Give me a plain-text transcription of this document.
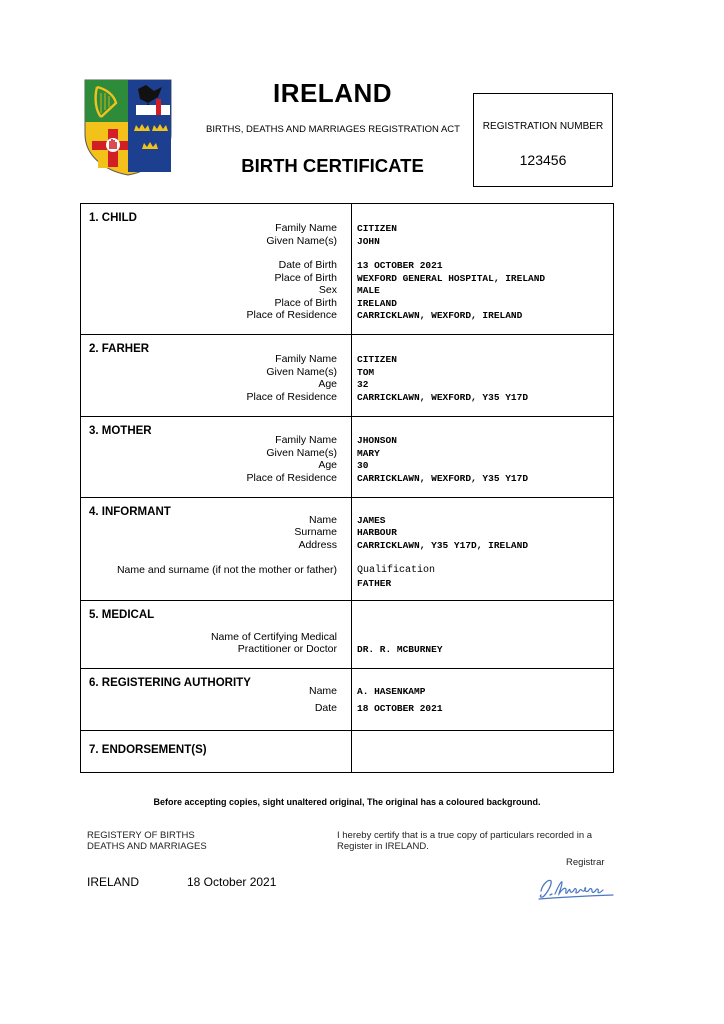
IRELAND
BIRTHS, DEATHS AND MARRIAGES REGISTRATION ACT
BIRTH CERTIFICATE
REGISTRATION NUMBER
123456
1. CHILD
Family Name	CITIZEN
Given Name(s)	JOHN
Date of Birth	13 OCTOBER 2021
Place of Birth	WEXFORD GENERAL HOSPITAL, IRELAND
Sex	MALE
Place of Birth	IRELAND
Place of Residence	CARRICKLAWN, WEXFORD, IRELAND
2. FARHER
Family Name	CITIZEN
Given Name(s)	TOM
Age	32
Place of Residence	CARRICKLAWN, WEXFORD, Y35 Y17D
3. MOTHER
Family Name	JHONSON
Given Name(s)	MARY
Age	30
Place of Residence	CARRICKLAWN, WEXFORD, Y35 Y17D
4. INFORMANT
Name	JAMES
Surname	HARBOUR
Address	CARRICKLAWN, Y35 Y17D, IRELAND
Name and surname (if not the mother or father)	Qualification
FATHER
5. MEDICAL
Name of Certifying Medical
Practitioner or Doctor	DR. R. MCBURNEY
6. REGISTERING AUTHORITY
Name	A. HASENKAMP
Date	18 OCTOBER 2021
7. ENDORSEMENT(S)
Before accepting copies, sight unaltered original, The original has a coloured background.
REGISTERY OF BIRTHS
DEATHS AND MARRIAGES
I hereby certify that is a true copy of particulars recorded in a
Register in IRELAND.
Registrar
IRELAND	18 October 2021
